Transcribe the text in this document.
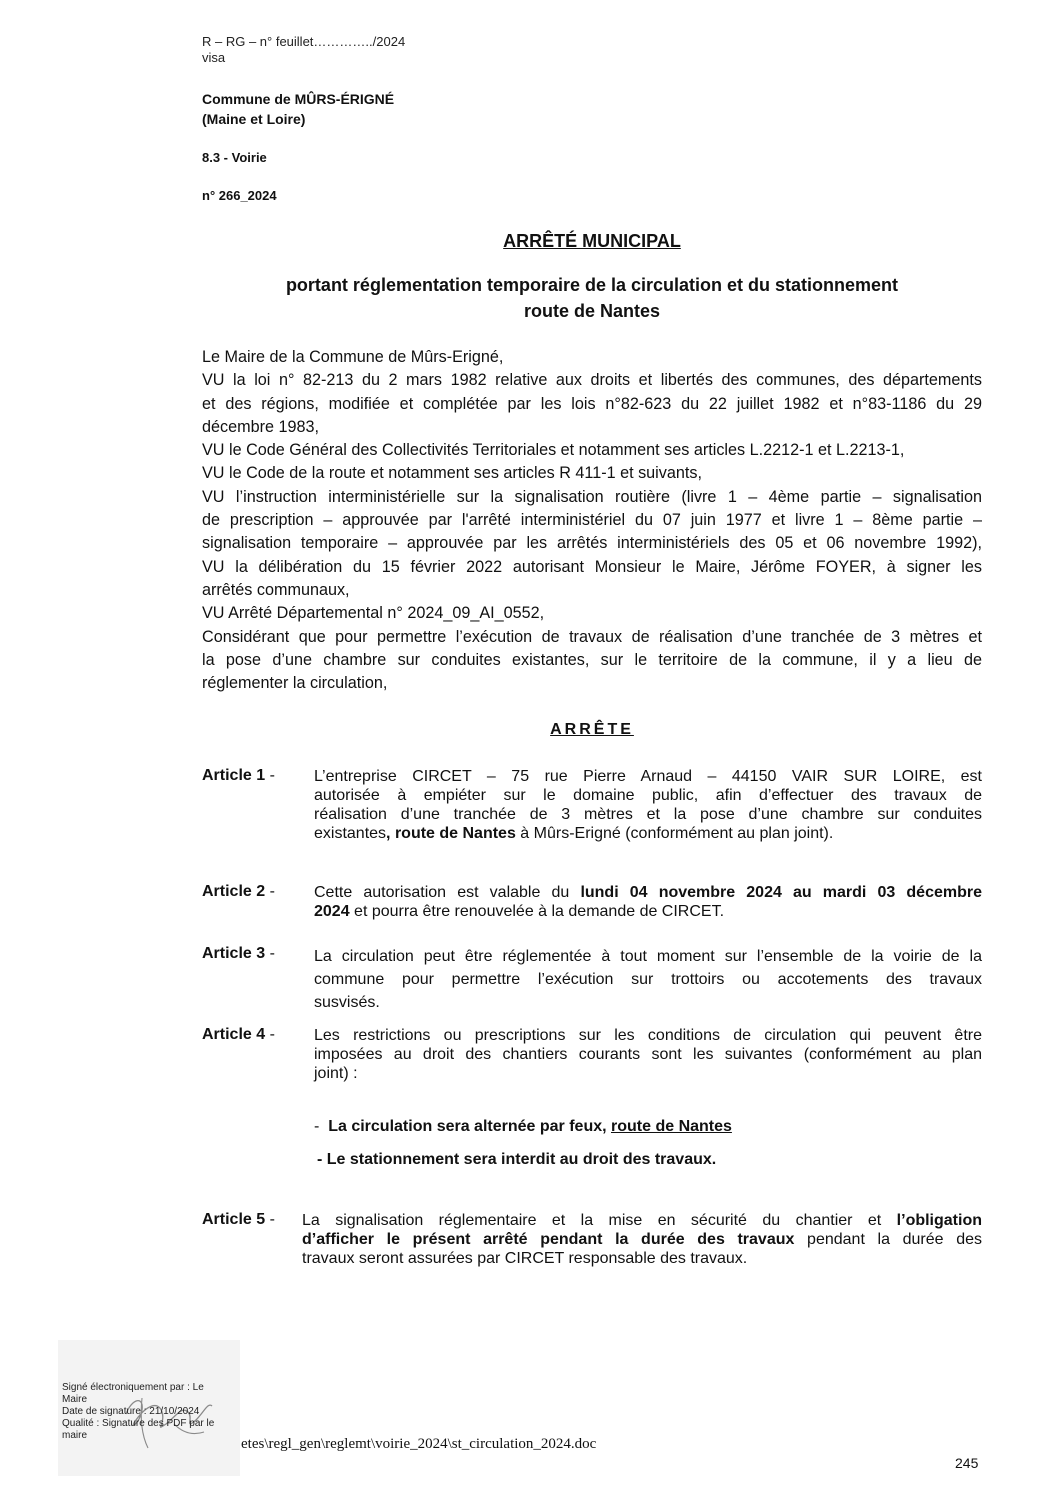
R – RG – n° feuillet…………../2024
visa
Commune de MÛRS-ÉRIGNÉ
(Maine et Loire)
8.3 - Voirie
n° 266_2024
ARRÊTÉ MUNICIPAL
portant réglementation temporaire de la circulation et du stationnement
route de Nantes
Le Maire de la Commune de Mûrs-Erigné,
VU la loi n° 82-213 du 2 mars 1982 relative aux droits et libertés des communes, des départements
et des régions, modifiée et complétée par les lois n°82-623 du 22 juillet 1982 et n°83-1186 du 29
décembre 1983,
VU le Code Général des Collectivités Territoriales et notamment ses articles L.2212-1 et L.2213-1,
VU le Code de la route et notamment ses articles R 411-1 et suivants,
VU l’instruction interministérielle sur la signalisation routière (livre 1 – 4ème partie – signalisation
de prescription – approuvée par l'arrêté interministériel du 07 juin 1977 et livre 1 – 8ème partie –
signalisation temporaire – approuvée par les arrêtés interministériels des 05 et 06 novembre 1992),
VU la délibération du 15 février 2022 autorisant Monsieur le Maire, Jérôme FOYER, à signer les
arrêtés communaux,
VU Arrêté Départemental n° 2024_09_AI_0552,
Considérant que pour permettre l’exécution de travaux de réalisation d’une tranchée de 3 mètres et
la pose d’une chambre sur conduites existantes, sur le territoire de la commune, il y a lieu de
réglementer la circulation,
ARRÊTE
Article 1 - L’entreprise CIRCET – 75 rue Pierre Arnaud – 44150 VAIR SUR LOIRE, est
autorisée à empiéter sur le domaine public, afin d’effectuer des travaux de
réalisation d’une tranchée de 3 mètres et la pose d’une chambre sur conduites
existantes, route de Nantes à Mûrs-Erigné (conformément au plan joint).
Article 2 - Cette autorisation est valable du lundi 04 novembre 2024 au mardi 03 décembre
2024 et pourra être renouvelée à la demande de CIRCET.
Article 3 - La circulation peut être réglementée à tout moment sur l’ensemble de la voirie de la
commune pour permettre l’exécution sur trottoirs ou accotements des travaux
susvisés.
Article 4 - Les restrictions ou prescriptions sur les conditions de circulation qui peuvent être
imposées au droit des chantiers courants sont les suivantes (conformément au plan
joint) :
-  La circulation sera alternée par feux, route de Nantes
- Le stationnement sera interdit au droit des travaux.
Article 5 - La signalisation réglementaire et la mise en sécurité du chantier et l’obligation
d’afficher le présent arrêté pendant la durée des travaux pendant la durée des
travaux seront assurées par CIRCET responsable des travaux.
Signé électroniquement par : Le
Maire
Date de signature : 21/10/2024
Qualité : Signature des PDF par le
maire
etes\regl_gen\reglemt\voirie_2024\st_circulation_2024.doc
245
